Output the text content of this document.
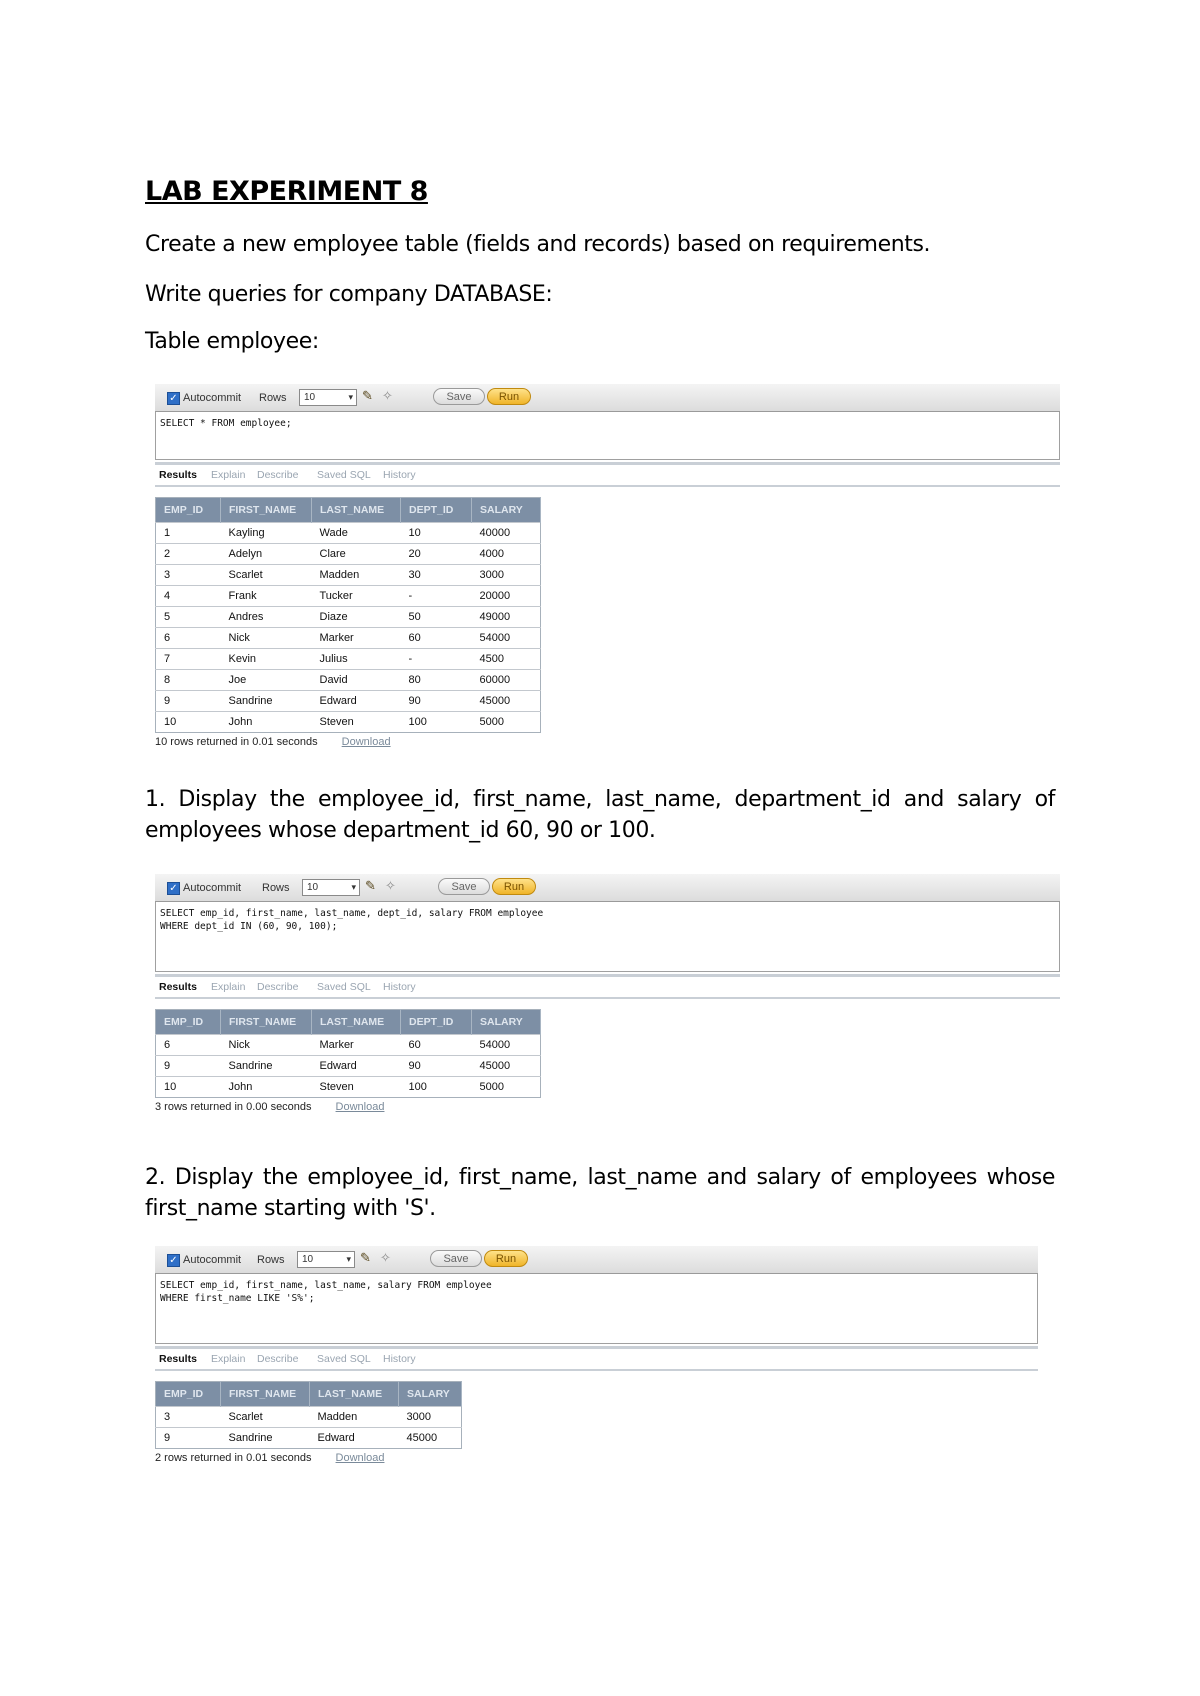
LAB EXPERIMENT 8
Create a new employee table (fields and records) based on requirements.
Write queries for company DATABASE:
Table employee:
✓ Autocommit Rows	10	▾ ✎ ✧	Save	Run
SELECT * FROM employee;
Results Explain Describe Saved SQL History
EMP_ID	FIRST_NAME	LAST_NAME	DEPT_ID	SALARY
1	Kayling	Wade	10	40000
2	Adelyn	Clare	20	4000
3	Scarlet	Madden	30	3000
4	Frank	Tucker	-	20000
5	Andres	Diaze	50	49000
6	Nick	Marker	60	54000
7	Kevin	Julius	-	4500
8	Joe	David	80	60000
9	Sandrine	Edward	90	45000
10	John	Steven	100	5000
10 rows returned in 0.01 seconds Download
1. Display the employee_id, first_name, last_name, department_id and salary of employees whose department_id 60, 90 or 100.
✓ Autocommit Rows	10	▾ ✎ ✧	Save	Run
SELECT emp_id, first_name, last_name, dept_id, salary FROM employee
WHERE dept_id IN (60, 90, 100);
Results Explain Describe Saved SQL History
EMP_ID	FIRST_NAME	LAST_NAME	DEPT_ID	SALARY
6	Nick	Marker	60	54000
9	Sandrine	Edward	90	45000
10	John	Steven	100	5000
3 rows returned in 0.00 seconds Download
2. Display the employee_id, first_name, last_name and salary of employees whose first_name starting with 'S'.
✓ Autocommit Rows	10	▾ ✎ ✧	Save	Run
SELECT emp_id, first_name, last_name, salary FROM employee
WHERE first_name LIKE 'S%';
Results Explain Describe Saved SQL History
EMP_ID	FIRST_NAME	LAST_NAME	SALARY
3	Scarlet	Madden	3000
9	Sandrine	Edward	45000
2 rows returned in 0.01 seconds Download
